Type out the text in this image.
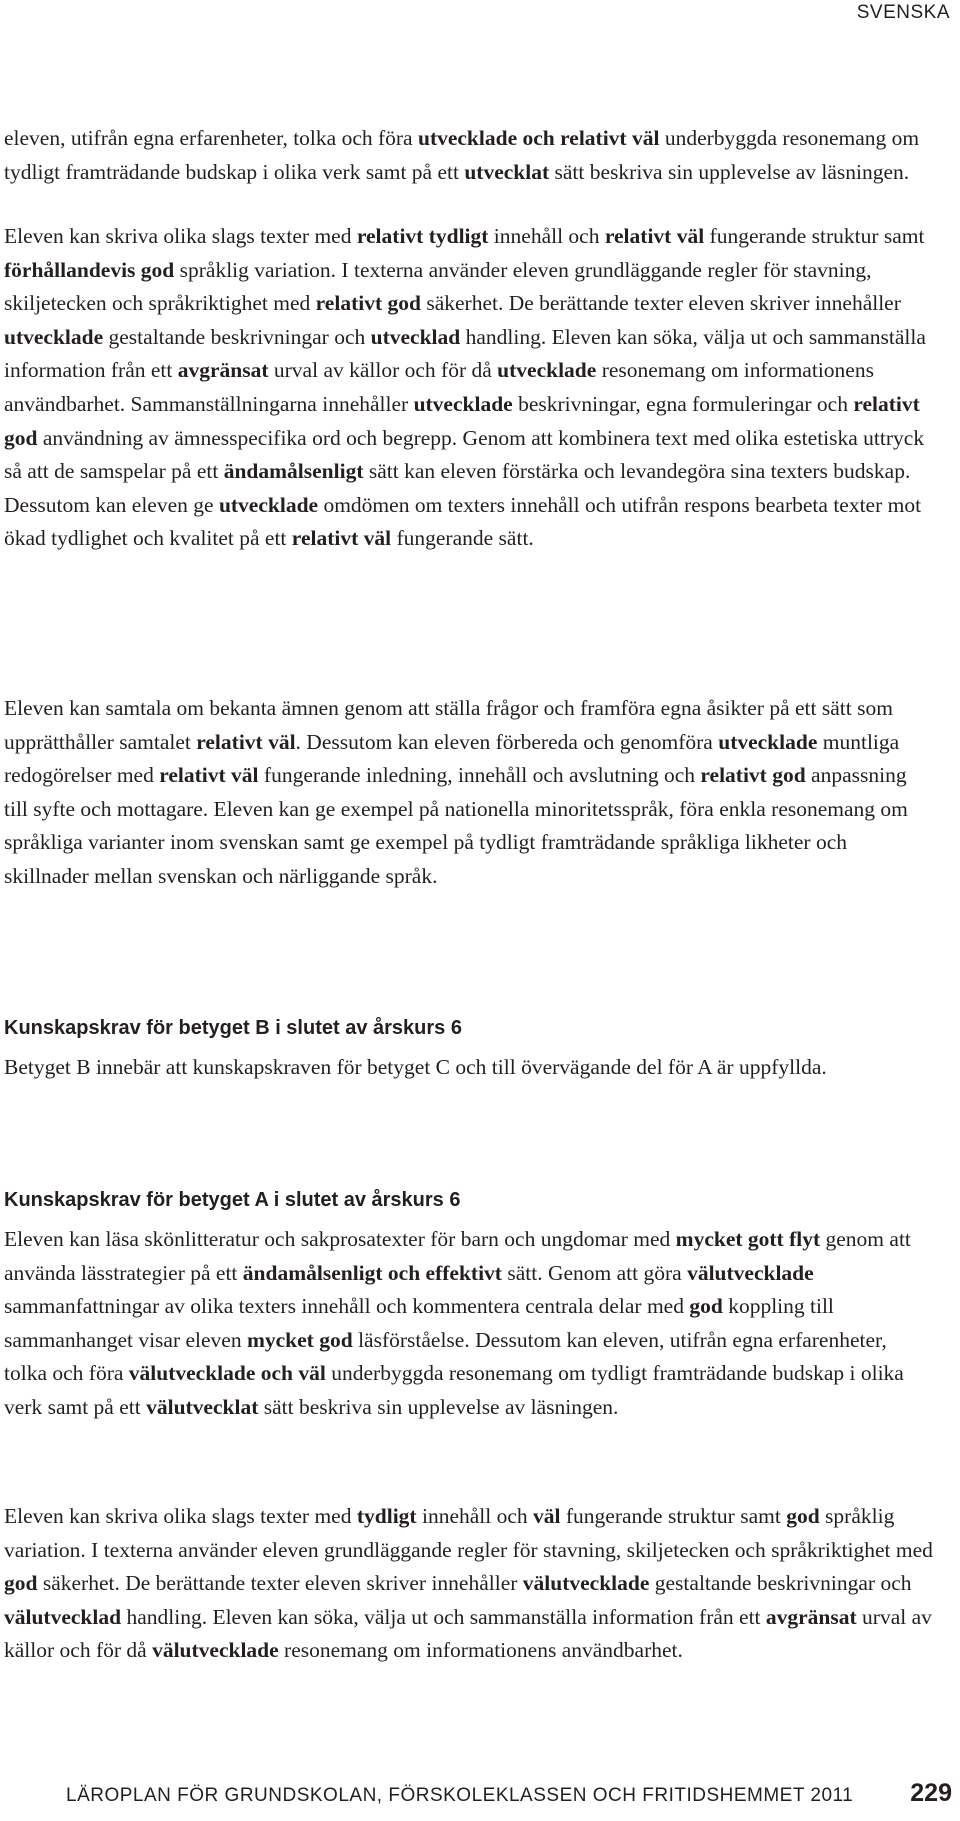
SVENSKA

eleven, utifrån egna erfarenheter, tolka och föra utvecklade och relativt väl underbyggda resonemang om tydligt framträdande budskap i olika verk samt på ett utvecklat sätt beskriva sin upplevelse av läsningen.

Eleven kan skriva olika slags texter med relativt tydligt innehåll och relativt väl fungerande struktur samt förhållandevis god språklig variation. I texterna använder eleven grundläggande regler för stavning, skiljetecken och språkriktighet med relativt god säkerhet. De berättande texter eleven skriver innehåller utvecklade gestaltande beskrivningar och utvecklad handling. Eleven kan söka, välja ut och sammanställa information från ett avgränsat urval av källor och för då utvecklade resonemang om informationens användbarhet. Sammanställningarna innehåller utvecklade beskrivningar, egna formuleringar och relativt god användning av ämnesspecifika ord och begrepp. Genom att kombinera text med olika estetiska uttryck så att de samspelar på ett ändamålsenligt sätt kan eleven förstärka och levandegöra sina texters budskap. Dessutom kan eleven ge utvecklade omdömen om texters innehåll och utifrån respons bearbeta texter mot ökad tydlighet och kvalitet på ett relativt väl fungerande sätt.

Eleven kan samtala om bekanta ämnen genom att ställa frågor och framföra egna åsikter på ett sätt som upprätthåller samtalet relativt väl. Dessutom kan eleven förbereda och genomföra utvecklade muntliga redogörelser med relativt väl fungerande inledning, innehåll och avslutning och relativt god anpassning till syfte och mottagare. Eleven kan ge exempel på nationella minoritetsspråk, föra enkla resonemang om språkliga varianter inom svenskan samt ge exempel på tydligt framträdande språkliga likheter och skillnader mellan svenskan och närliggande språk.

Kunskapskrav för betyget B i slutet av årskurs 6

Betyget B innebär att kunskapskraven för betyget C och till övervägande del för A är uppfyllda.

Kunskapskrav för betyget A i slutet av årskurs 6

Eleven kan läsa skönlitteratur och sakprosatexter för barn och ungdomar med mycket gott flyt genom att använda lässtrategier på ett ändamålsenligt och effektivt sätt. Genom att göra välutvecklade sammanfattningar av olika texters innehåll och kommentera centrala delar med god koppling till sammanhanget visar eleven mycket god läsförståelse. Dessutom kan eleven, utifrån egna erfarenheter, tolka och föra välutvecklade och väl underbyggda resonemang om tydligt framträdande budskap i olika verk samt på ett välutvecklat sätt beskriva sin upplevelse av läsningen.

Eleven kan skriva olika slags texter med tydligt innehåll och väl fungerande struktur samt god språklig variation. I texterna använder eleven grundläggande regler för stavning, skiljetecken och språkriktighet med god säkerhet. De berättande texter eleven skriver innehåller välutvecklade gestaltande beskrivningar och välutvecklad handling. Eleven kan söka, välja ut och sammanställa information från ett avgränsat urval av källor och för då välutvecklade resonemang om informationens användbarhet.

LÄROPLAN FÖR GRUNDSKOLAN, FÖRSKOLEKLASSEN OCH FRITIDSHEMMET 2011 229
